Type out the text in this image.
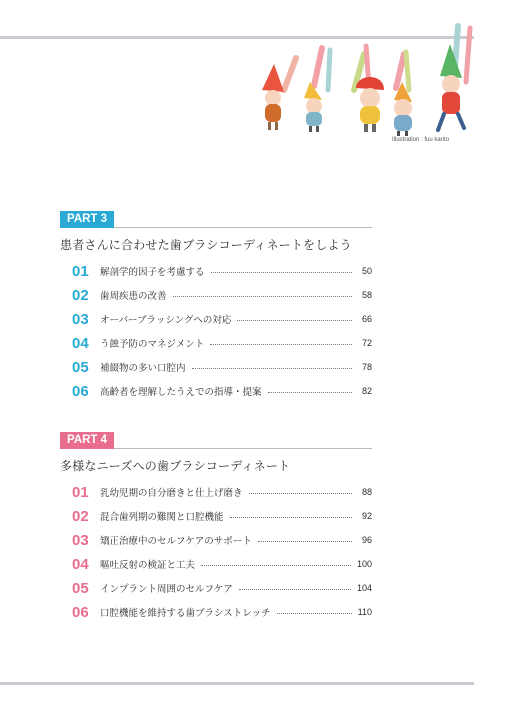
Illustration : fuu kanto
PART 3
患者さんに合わせた歯ブラシコーディネートをしよう
01	解剖学的因子を考慮する	50
02	歯周疾患の改善	58
03	オーバーブラッシングへの対応	66
04	う蝕予防のマネジメント	72
05	補綴物の多い口腔内	78
06	高齢者を理解したうえでの指導・提案	82
PART 4
多様なニーズへの歯ブラシコーディネート
01	乳幼児期の自分磨きと仕上げ磨き	88
02	混合歯列期の難関と口腔機能	92
03	矯正治療中のセルフケアのサポート	96
04	嘔吐反射の検証と工夫	100
05	インプラント周囲のセルフケア	104
06	口腔機能を維持する歯ブラシストレッチ	110
